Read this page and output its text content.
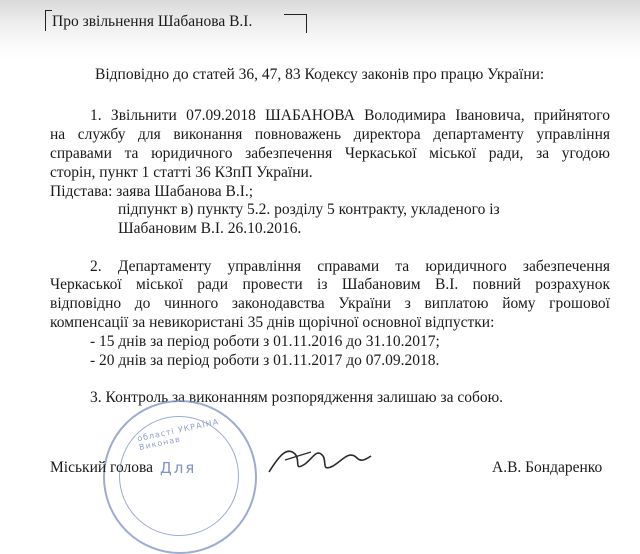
Про звільнення Шабанова В.І.
Відповідно до статей 36, 47, 83 Кодексу законів про працю України:
1. Звільнити 07.09.2018 ШАБАНОВА Володимира Івановича, прийнятого
на службу для виконання повноважень директора департаменту управління
справами та юридичного забезпечення Черкаської міської ради, за угодою
сторін, пункт 1 статті 36 КЗпП України.
Підстава: заява Шабанова В.І.;
підпункт в) пункту 5.2. розділу 5 контракту, укладеного із
Шабановим В.І. 26.10.2016.
2. Департаменту управління справами та юридичного забезпечення
Черкаської міської ради провести із Шабановим В.І. повний розрахунок
відповідно до чинного законодавства України з виплатою йому грошової
компенсації за невикористані 35 днів щорічної основної відпустки:
- 15 днів за період роботи з 01.11.2016 до 31.10.2017;
- 20 днів за період роботи з 01.11.2017 до 07.09.2018.
3. Контроль за виконанням розпорядження залишаю за собою.
області УКРАЇНА Виконав
Для
Міський голова	А.В. Бондаренко
